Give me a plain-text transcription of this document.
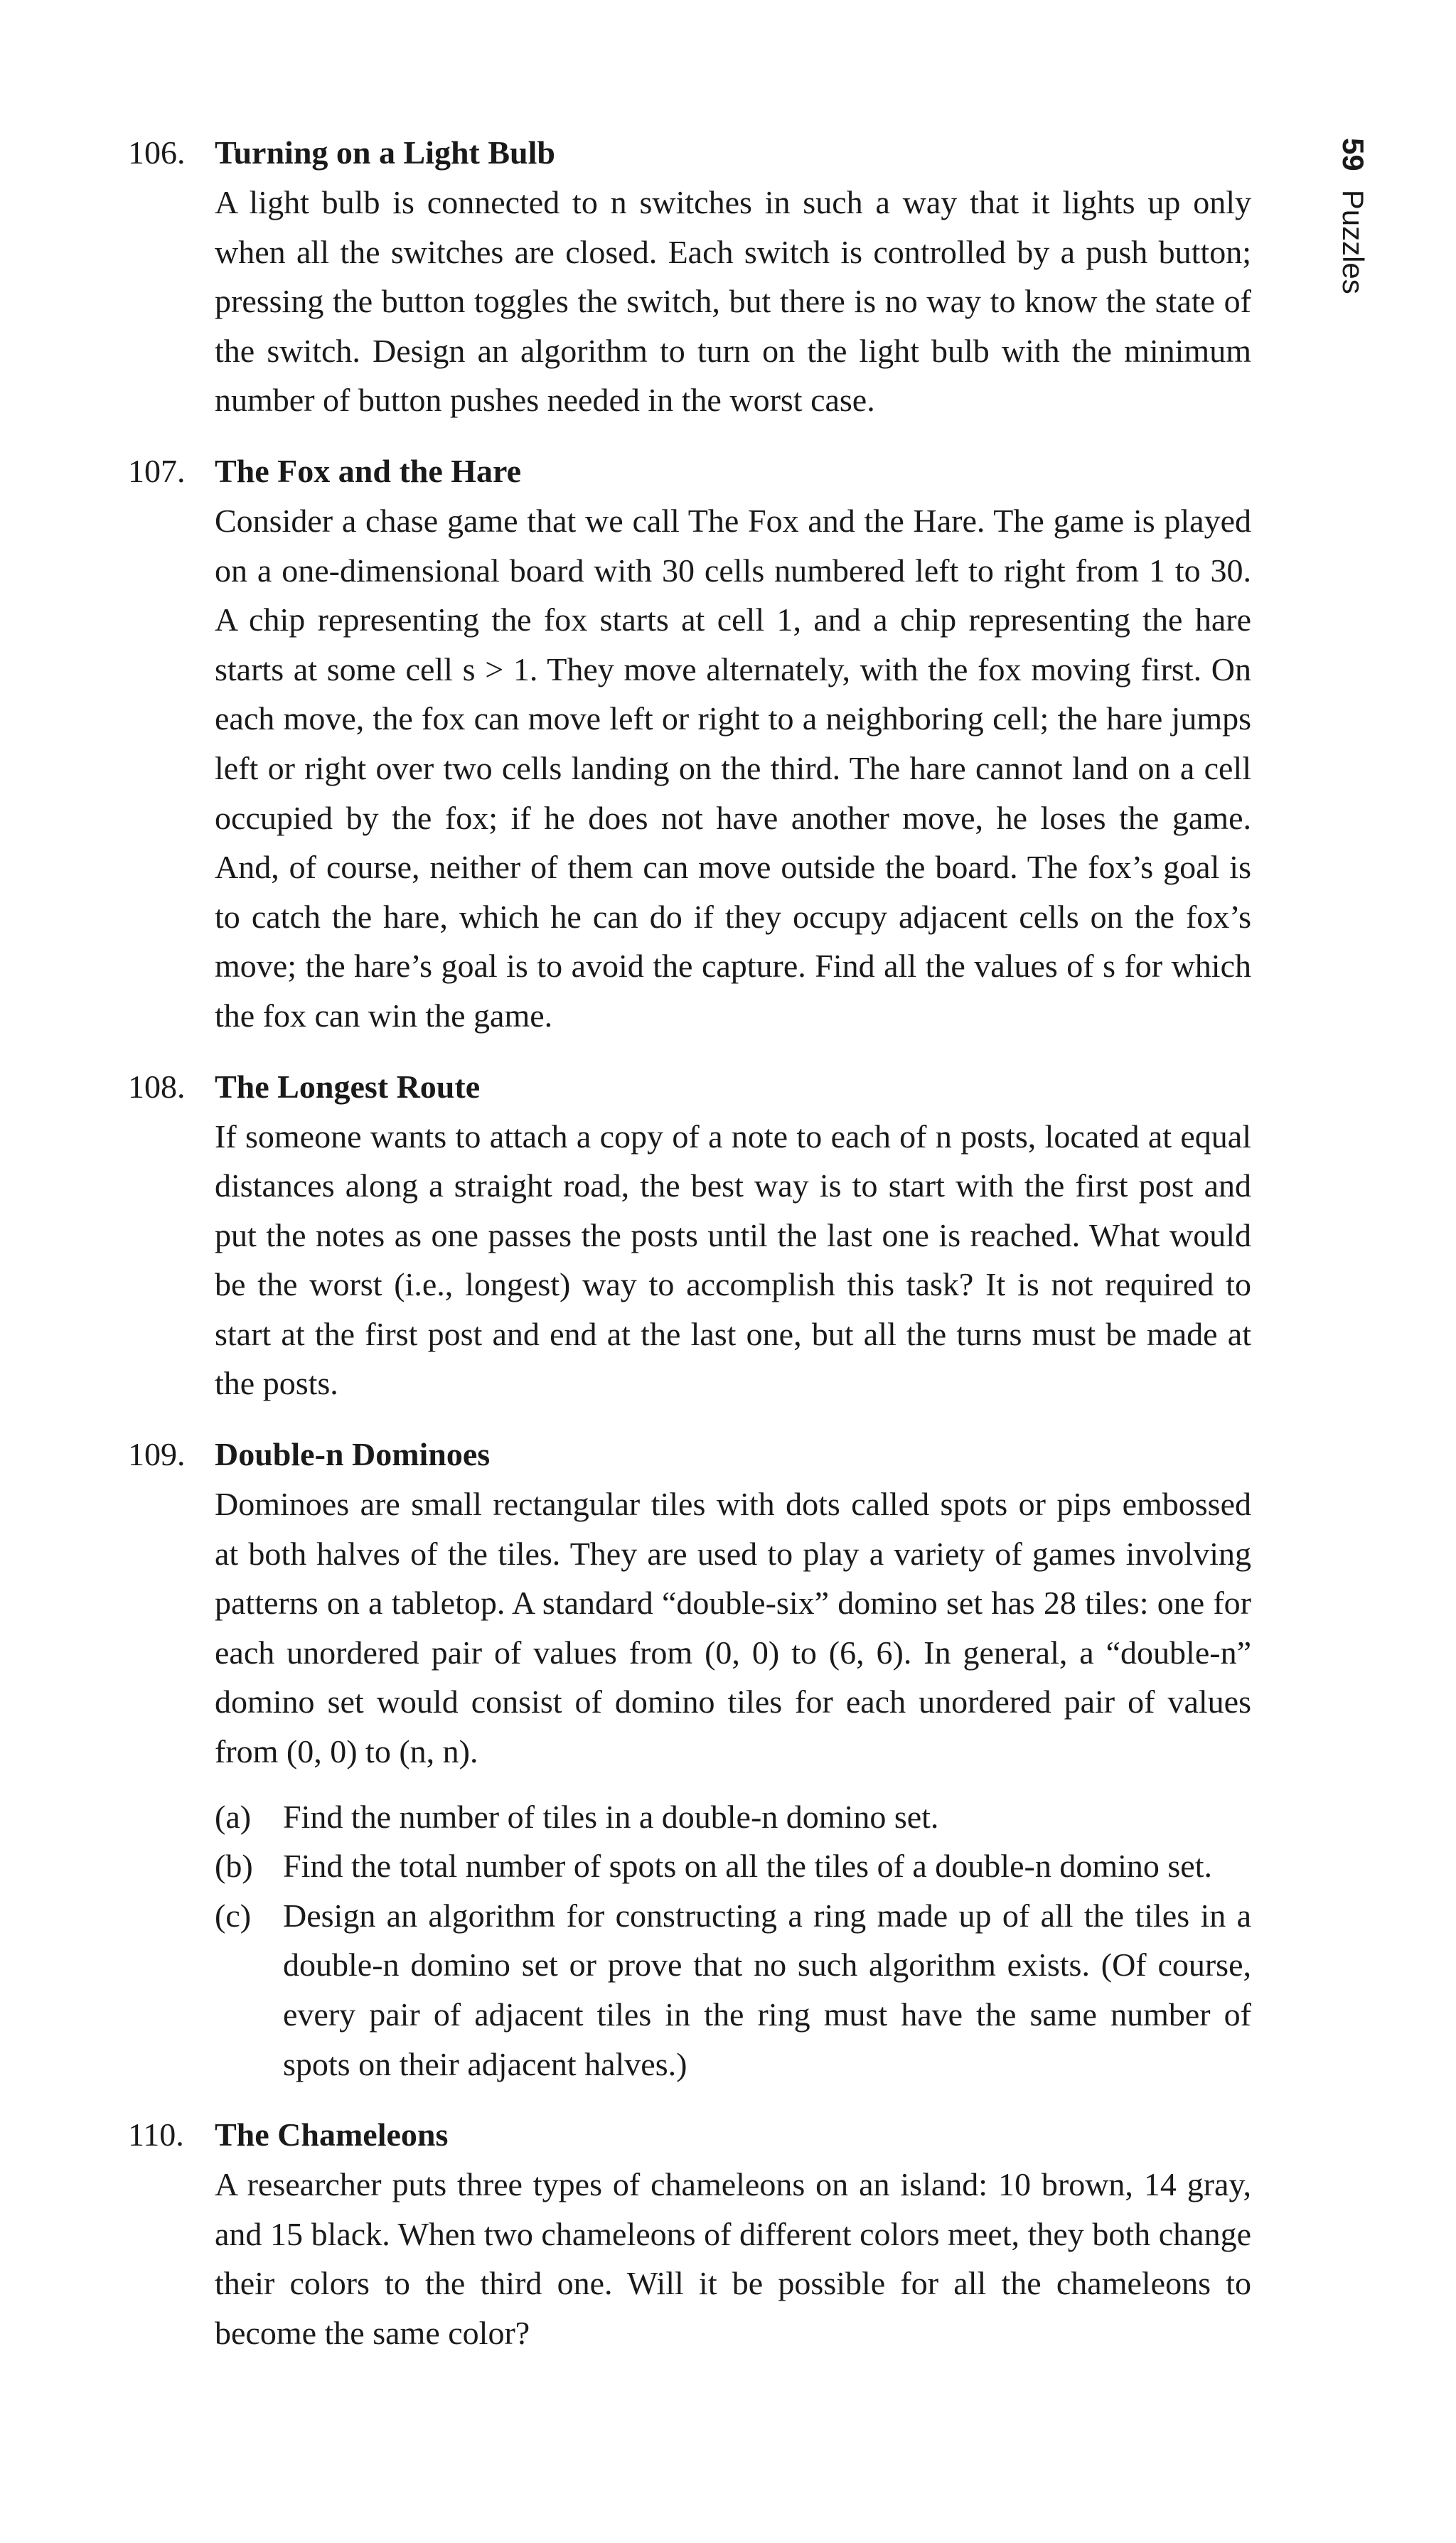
59Puzzles
106. Turning on a Light Bulb

A light bulb is connected to n switches in such a way that it lights up only when all the switches are closed. Each switch is controlled by a push button; pressing the button toggles the switch, but there is no way to know the state of the switch. Design an algorithm to turn on the light bulb with the minimum number of button pushes needed in the worst case.

107. The Fox and the Hare

Consider a chase game that we call The Fox and the Hare. The game is played on a one-dimensional board with 30 cells numbered left to right from 1 to 30. A chip representing the fox starts at cell 1, and a chip representing the hare starts at some cell s > 1. They move alternately, with the fox moving first. On each move, the fox can move left or right to a neighboring cell; the hare jumps left or right over two cells landing on the third. The hare cannot land on a cell occupied by the fox; if he does not have another move, he loses the game. And, of course, neither of them can move outside the board. The fox’s goal is to catch the hare, which he can do if they occupy adjacent cells on the fox’s move; the hare’s goal is to avoid the capture. Find all the values of s for which the fox can win the game.

108. The Longest Route

If someone wants to attach a copy of a note to each of n posts, located at equal distances along a straight road, the best way is to start with the first post and put the notes as one passes the posts until the last one is reached. What would be the worst (i.e., longest) way to accomplish this task? It is not required to start at the first post and end at the last one, but all the turns must be made at the posts.

109. Double-n Dominoes

Dominoes are small rectangular tiles with dots called spots or pips embossed at both halves of the tiles. They are used to play a variety of games involving patterns on a tabletop. A standard “double-six” domino set has 28 tiles: one for each unordered pair of values from (0, 0) to (6, 6). In general, a “double-n” domino set would consist of domino tiles for each unordered pair of values from (0, 0) to (n, n).

(a) Find the number of tiles in a double-n domino set.
(b) Find the total number of spots on all the tiles of a double-n domino set.
(c) Design an algorithm for constructing a ring made up of all the tiles in a double-n domino set or prove that no such algorithm exists. (Of course, every pair of adjacent tiles in the ring must have the same number of spots on their adjacent halves.)
110. The Chameleons

A researcher puts three types of chameleons on an island: 10 brown, 14 gray, and 15 black. When two chameleons of different colors meet, they both change their colors to the third one. Will it be possible for all the chameleons to become the same color?
